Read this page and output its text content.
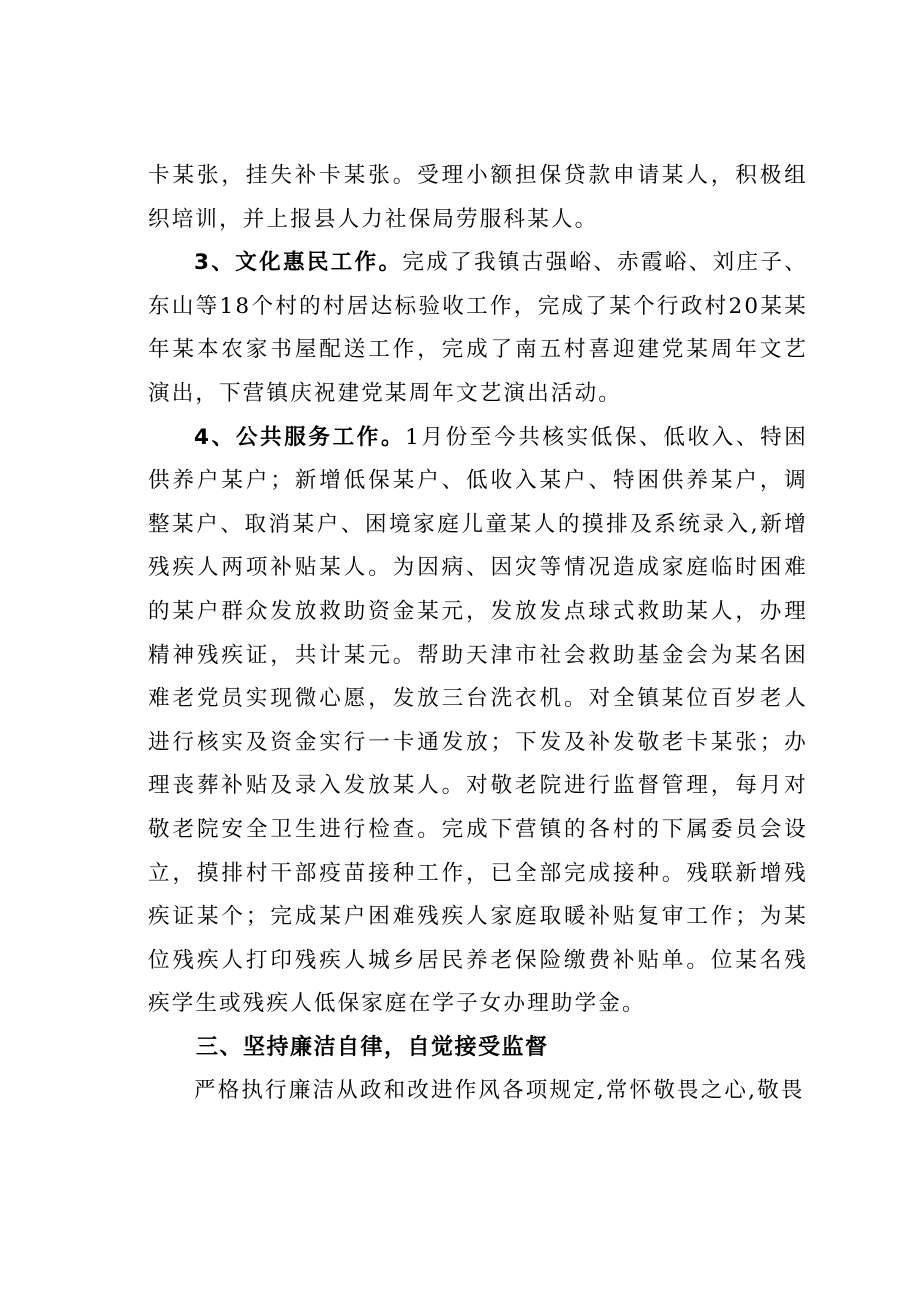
卡某张，挂失补卡某张。受理小额担保贷款申请某人，积极组织培训，并上报县人力社保局劳服科某人。

3、文化惠民工作。完成了我镇古强峪、赤霞峪、刘庄子、东山等18个村的村居达标验收工作，完成了某个行政村20某某年某本农家书屋配送工作，完成了南五村喜迎建党某周年文艺演出，下营镇庆祝建党某周年文艺演出活动。

4、公共服务工作。1月份至今共核实低保、低收入、特困供养户某户；新增低保某户、低收入某户、特困供养某户，调整某户、取消某户、困境家庭儿童某人的摸排及系统录入,新增残疾人两项补贴某人。为因病、因灾等情况造成家庭临时困难的某户群众发放救助资金某元，发放发点球式救助某人，办理精神残疾证，共计某元。帮助天津市社会救助基金会为某名困难老党员实现微心愿，发放三台洗衣机。对全镇某位百岁老人进行核实及资金实行一卡通发放；下发及补发敬老卡某张；办理丧葬补贴及录入发放某人。对敬老院进行监督管理，每月对敬老院安全卫生进行检查。完成下营镇的各村的下属委员会设立，摸排村干部疫苗接种工作，已全部完成接种。残联新增残疾证某个；完成某户困难残疾人家庭取暖补贴复审工作；为某位残疾人打印残疾人城乡居民养老保险缴费补贴单。位某名残疾学生或残疾人低保家庭在学子女办理助学金。

三、坚持廉洁自律，自觉接受监督

严格执行廉洁从政和改进作风各项规定,常怀敬畏之心,敬畏
